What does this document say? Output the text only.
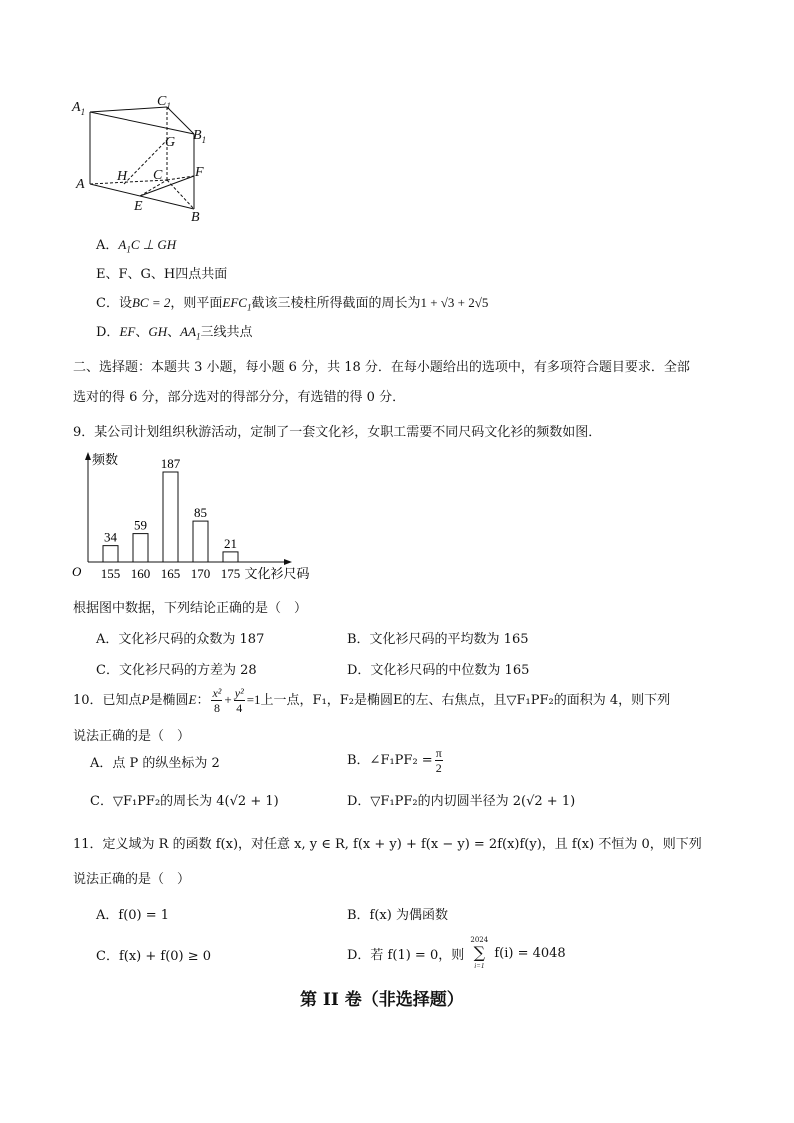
$A_1$
$C_1$
$B_1$
G
H C F
A
E
B
A．$A_1C$ ⊥ GH
E、F、G、H四点共面
C．设BC = 2，则平面$EFC_1$截该三棱柱所得截面的周长为1 + √3 + 2√5
D．EF、GH、$AA_1$三线共点
二、选择题：本题共 3 小题，每小题 6 分，共 18 分．在每小题给出的选项中，有多项符合题目要求．全部
选对的得 6 分，部分选对的得部分分，有选错的得 0 分．
9．某公司计划组织秋游活动，定制了一套文化衫，女职工需要不同尺码文化衫的频数如图．
频数
O
34
155
59
160
187
165
85
170
21
175 文化衫尺码
根据图中数据，下列结论正确的是（　）
A．文化衫尺码的众数为 187	B．文化衫尺码的平均数为 165
C．文化衫尺码的方差为 28	D．文化衫尺码的中位数为 165
10．已知点P是椭圆E： $\frac{\text{x²}}{8} + \frac{\text{y²}}{4} =1$上一点，F₁，F₂是椭圆E的左、右焦点，且▽F₁PF₂的面积为 4，则下列
说法正确的是（　）
A．点 P 的纵坐标为 2	B．∠F₁PF₂ = $\frac{\pi}{2}$
C．▽F₁PF₂的周长为 4(√2 + 1)	D．▽F₁PF₂的内切圆半径为 2(√2 + 1)
11．定义域为 R 的函数 f(x)，对任意 x, y ∈ R, f(x + y) + f(x − y) = 2f(x)f(y)，且 f(x) 不恒为 0，则下列
说法正确的是（　）
A．f(0) = 1	B．f(x) 为偶函数
C．f(x) + f(0) ≥ 0	D．若 f(1) = 0，则
2024
∑
i=1
f(i) = 4048
第 II 卷（非选择题）
